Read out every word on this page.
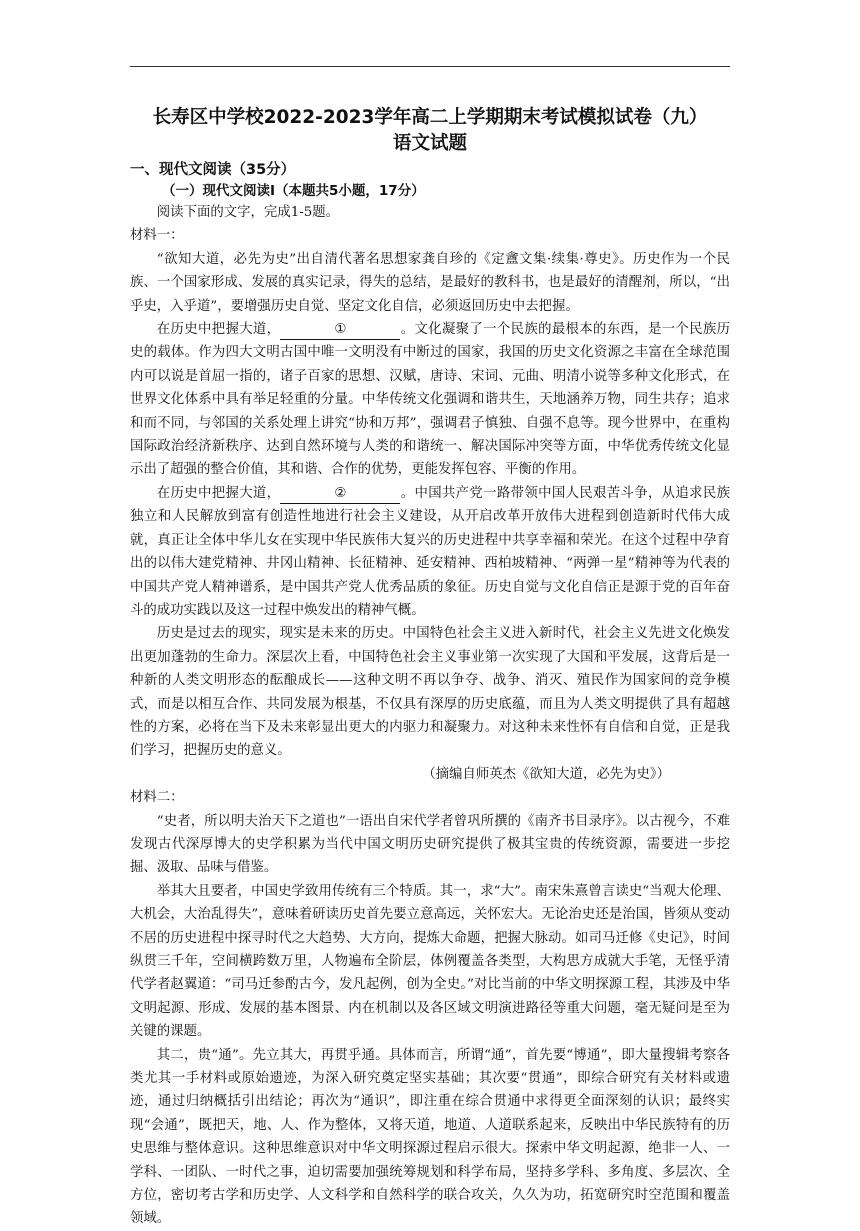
长寿区中学校2022-2023学年高二上学期期末考试模拟试卷（九）
语文试题
一、现代文阅读（35分）
（一）现代文阅读Ⅰ（本题共5小题，17分）

阅读下面的文字，完成1-5题。

材料一：

“欲知大道，必先为史”出自清代著名思想家龚自珍的《定盦文集·续集·尊史》。历史作为一个民族、一个国家形成、发展的真实记录，得失的总结，是最好的教科书，也是最好的清醒剂，所以，“出乎史，入乎道”，要增强历史自觉、坚定文化自信，必须返回历史中去把握。

在历史中把握大道，	①	。文化凝聚了一个民族的最根本的东西，是一个民族历史的载体。作为四大文明古国中唯一文明没有中断过的国家，我国的历史文化资源之丰富在全球范围内可以说是首屈一指的，诸子百家的思想、汉赋，唐诗、宋词、元曲、明清小说等多种文化形式，在世界文化体系中具有举足轻重的分量。中华传统文化强调和谐共生，天地涵养万物，同生共存；追求和而不同，与邻国的关系处理上讲究“协和万邦”，强调君子慎独、自强不息等。现今世界中，在重构国际政治经济新秩序、达到自然环境与人类的和谐统一、解决国际冲突等方面，中华优秀传统文化显示出了超强的整合价值，其和谐、合作的优势，更能发挥包容、平衡的作用。

在历史中把握大道，	②	。中国共产党一路带领中国人民艰苦斗争，从追求民族独立和人民解放到富有创造性地进行社会主义建设，从开启改革开放伟大进程到创造新时代伟大成就，真正让全体中华儿女在实现中华民族伟大复兴的历史进程中共享幸福和荣光。在这个过程中孕育出的以伟大建党精神、井冈山精神、长征精神、延安精神、西柏坡精神、“两弹一星”精神等为代表的中国共产党人精神谱系，是中国共产党人优秀品质的象征。历史自觉与文化自信正是源于党的百年奋斗的成功实践以及这一过程中焕发出的精神气概。

历史是过去的现实，现实是未来的历史。中国特色社会主义进入新时代，社会主义先进文化焕发出更加蓬勃的生命力。深层次上看，中国特色社会主义事业第一次实现了大国和平发展，这背后是一种新的人类文明形态的酝酿成长——这种文明不再以争夺、战争、消灭、殖民作为国家间的竞争模式，而是以相互合作、共同发展为根基，不仅具有深厚的历史底蕴，而且为人类文明提供了具有超越性的方案，必将在当下及未来彰显出更大的内驱力和凝聚力。对这种未来性怀有自信和自觉，正是我们学习，把握历史的意义。

（摘编自师英杰《欲知大道，必先为史》）

材料二：

“史者，所以明夫治天下之道也”一语出自宋代学者曾巩所撰的《南齐书目录序》。以古视今，不难发现古代深厚博大的史学积累为当代中国文明历史研究提供了极其宝贵的传统资源，需要进一步挖掘、汲取、品味与借鉴。

举其大且要者，中国史学致用传统有三个特质。其一，求“大”。南宋朱熹曾言读史“当观大伦理、大机会，大治乱得失”，意味着研读历史首先要立意高远，关怀宏大。无论治史还是治国，皆须从变动不居的历史进程中探寻时代之大趋势、大方向，提炼大命题，把握大脉动。如司马迁修《史记》，时间纵贯三千年，空间横跨数万里，人物遍布全阶层，体例覆盖各类型，大构思方成就大手笔，无怪乎清代学者赵翼道：“司马迁参酌古今，发凡起例，创为全史。”对比当前的中华文明探源工程，其涉及中华文明起源、形成、发展的基本图景、内在机制以及各区域文明演进路径等重大问题，毫无疑问是至为关键的课题。

其二，贵“通”。先立其大，再贯乎通。具体而言，所谓“通”，首先要“博通”，即大量搜辑考察各类尤其一手材料或原始遗迹，为深入研究奠定坚实基础；其次要“贯通”，即综合研究有关材料或遗迹，通过归纳概括引出结论；再次为“通识”，即注重在综合贯通中求得更全面深刻的认识；最终实现“会通”，既把天，地、人、作为整体，又将天道，地道、人道联系起来，反映出中华民族特有的历史思维与整体意识。这种思维意识对中华文明探源过程启示很大。探索中华文明起源，绝非一人、一学科、一团队、一时代之事，迫切需要加强统筹规划和科学布局，坚持多学科、多角度、多层次、全方位，密切考古学和历史学、人文科学和自然科学的联合攻关，久久为功，拓宽研究时空范围和覆盖领域。
